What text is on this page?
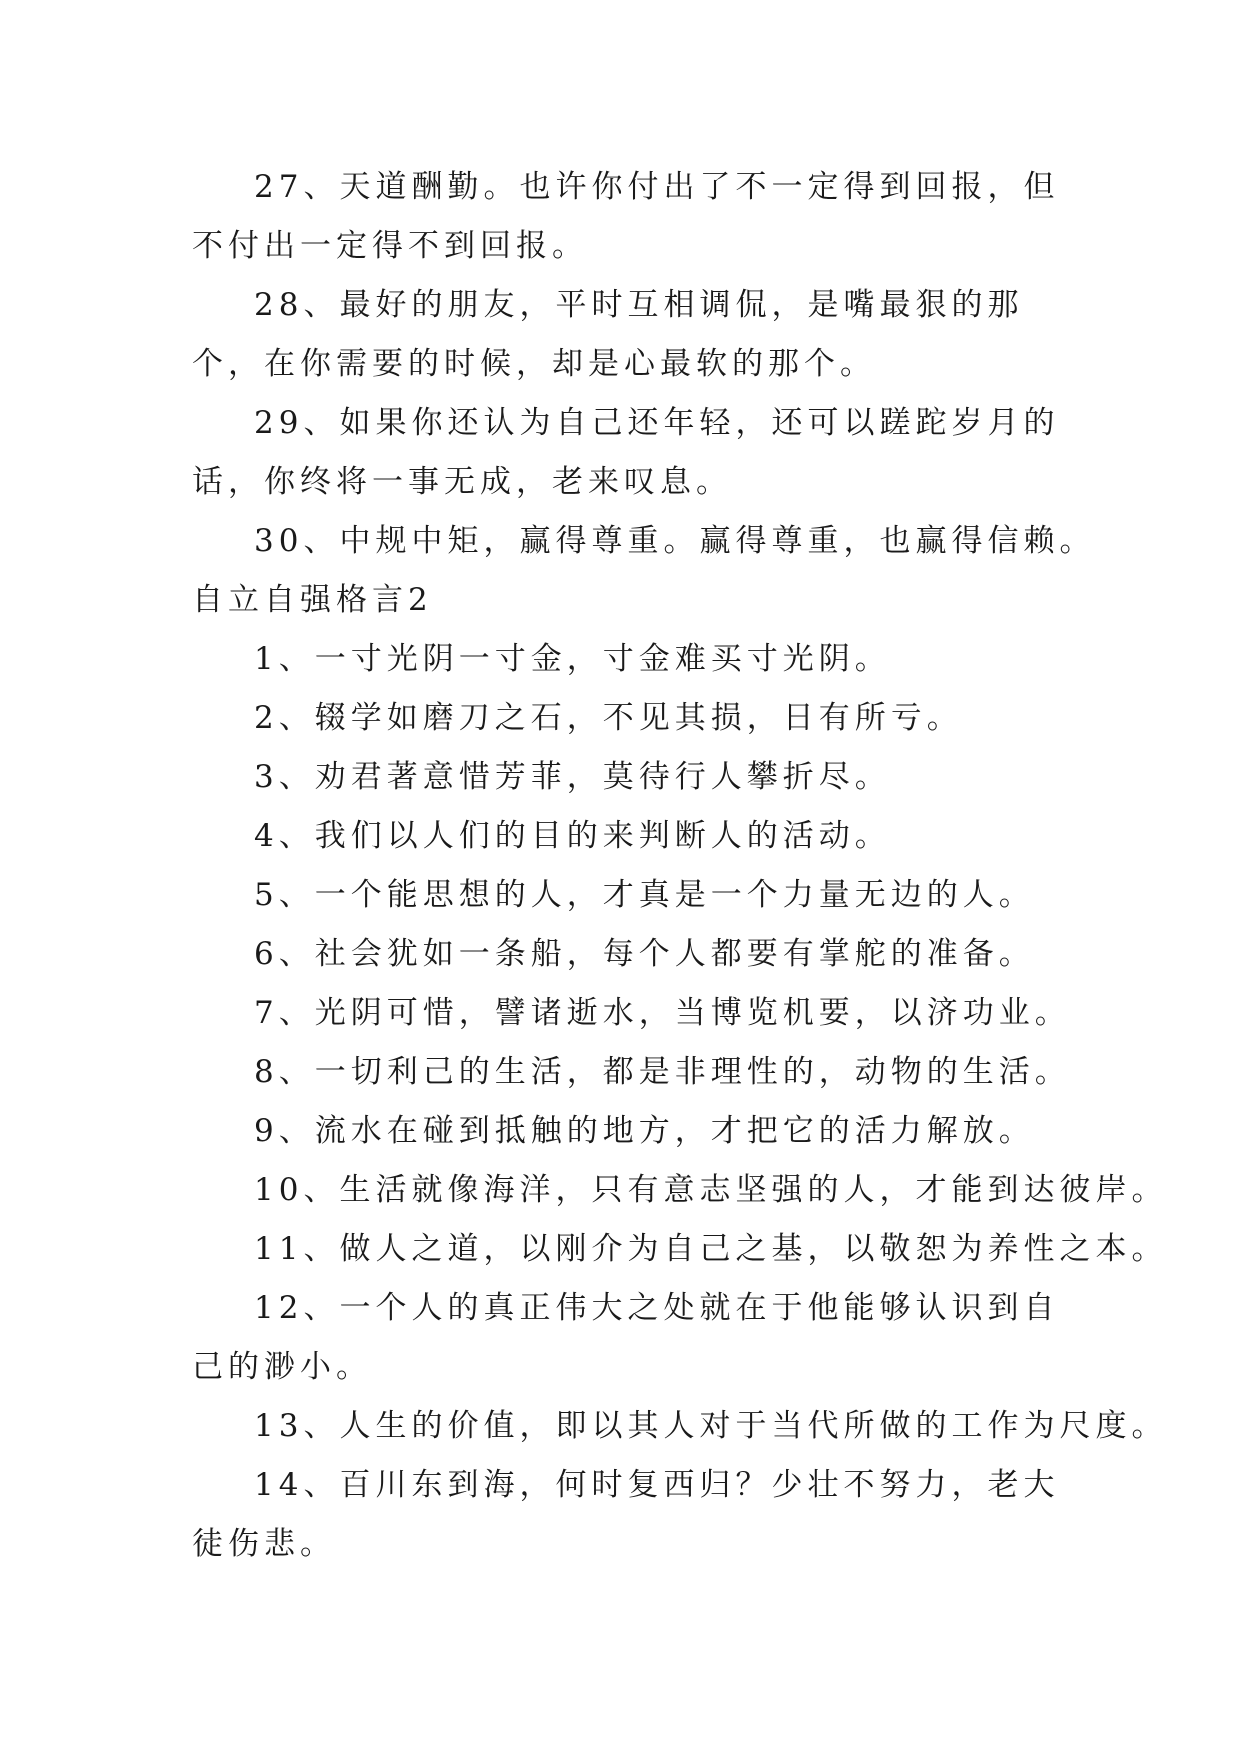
27、天道酬勤。也许你付出了不一定得到回报，但不付出一定得不到回报。

28、最好的朋友，平时互相调侃，是嘴最狠的那个，在你需要的时候，却是心最软的那个。

29、如果你还认为自己还年轻，还可以蹉跎岁月的话，你终将一事无成，老来叹息。

30、中规中矩，赢得尊重。赢得尊重，也赢得信赖。

自立自强格言2

1、一寸光阴一寸金，寸金难买寸光阴。

2、辍学如磨刀之石，不见其损，日有所亏。

3、劝君著意惜芳菲，莫待行人攀折尽。

4、我们以人们的目的来判断人的活动。

5、一个能思想的人，才真是一个力量无边的人。

6、社会犹如一条船，每个人都要有掌舵的准备。

7、光阴可惜，譬诸逝水，当博览机要，以济功业。

8、一切利己的生活，都是非理性的，动物的生活。

9、流水在碰到抵触的地方，才把它的活力解放。

10、生活就像海洋，只有意志坚强的人，才能到达彼岸。

11、做人之道，以刚介为自己之基，以敬恕为养性之本。

12、一个人的真正伟大之处就在于他能够认识到自己的渺小。

13、人生的价值，即以其人对于当代所做的工作为尺度。

14、百川东到海，何时复西归？少壮不努力，老大徒伤悲。
